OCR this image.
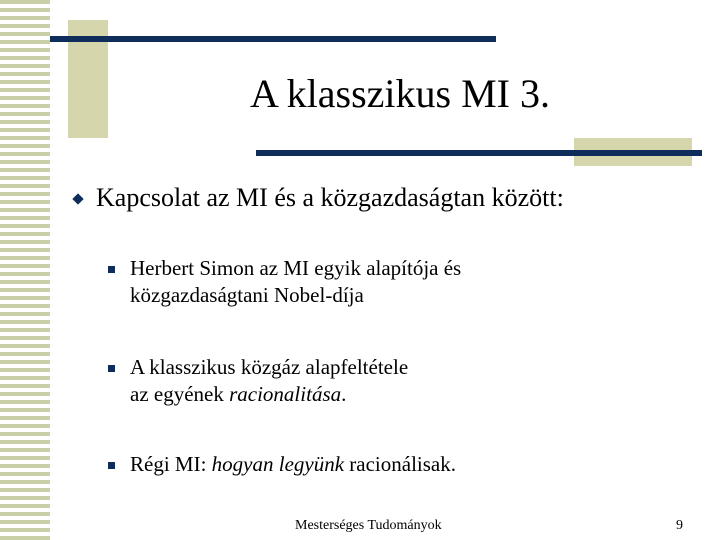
A klasszikus MI 3.
Kapcsolat az MI és a közgazdaságtan között:
Herbert Simon az MI egyik alapítója és
közgazdaságtani Nobel-díja
A klasszikus közgáz alapfeltétele
az egyének racionalitása.
Régi MI: hogyan legyünk racionálisak.
Mesterséges Tudományok	9
